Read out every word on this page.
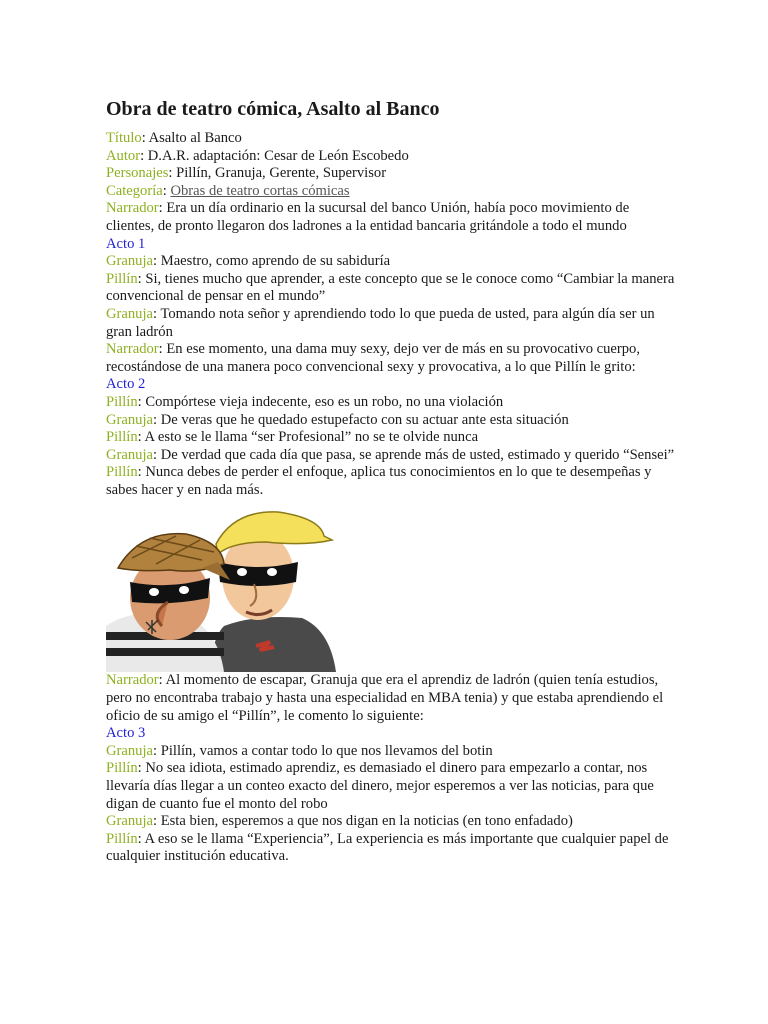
Obra de teatro cómica, Asalto al Banco

Título: Asalto al Banco

Autor: D.A.R. adaptación: Cesar de León Escobedo

Personajes: Pillín, Granuja, Gerente, Supervisor

Categoría: Obras de teatro cortas cómicas

Narrador: Era un día ordinario en la sucursal del banco Unión, había poco movimiento de clientes, de pronto llegaron dos ladrones a la entidad bancaria gritándole a todo el mundo

Acto 1

Granuja: Maestro, como aprendo de su sabiduría

Pillín: Si, tienes mucho que aprender, a este concepto que se le conoce como “Cambiar la manera convencional de pensar en el mundo”

Granuja: Tomando nota señor y aprendiendo todo lo que pueda de usted, para algún día ser un gran ladrón

Narrador: En ese momento, una dama muy sexy, dejo ver de más en su provocativo cuerpo, recostándose de una manera poco convencional sexy y provocativa, a lo que Pillín le grito:

Acto 2

Pillín: Compórtese vieja indecente, eso es un robo, no una violación

Granuja: De veras que he quedado estupefacto con su actuar ante esta situación

Pillín: A esto se le llama “ser Profesional” no se te olvide nunca

Granuja: De verdad que cada día que pasa, se aprende más de usted, estimado y querido “Sensei”

Pillín: Nunca debes de perder el enfoque, aplica tus conocimientos en lo que te desempeñas y sabes hacer y en nada más.

Narrador: Al momento de escapar, Granuja que era el aprendiz de ladrón (quien tenía estudios, pero no encontraba trabajo y hasta una especialidad en MBA tenia) y que estaba aprendiendo el oficio de su amigo el “Pillín”, le comento lo siguiente:

Acto 3

Granuja: Pillín, vamos a contar todo lo que nos llevamos del botin

Pillín: No sea idiota, estimado aprendiz, es demasiado el dinero para empezarlo a contar, nos llevaría días llegar a un conteo exacto del dinero, mejor esperemos a ver las noticias, para que digan de cuanto fue el monto del robo

Granuja: Esta bien, esperemos a que nos digan en la noticias (en tono enfadado)

Pillín: A eso se le llama “Experiencia”, La experiencia es más importante que cualquier papel de cualquier institución educativa.
